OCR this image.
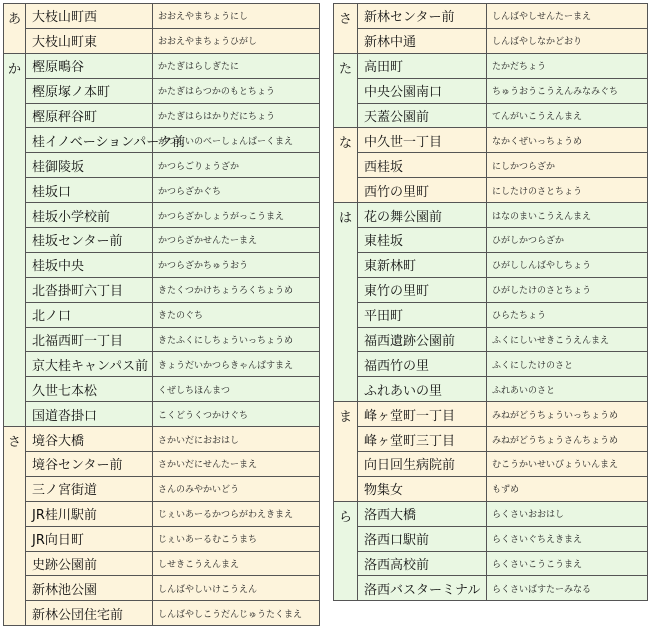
あ	大枝山町西	おおえやまちょうにし
	大枝山町東	おおえやまちょうひがし
か	樫原鴫谷	かたぎはらしぎたに
	樫原塚ノ本町	かたぎはらつかのもとちょう
	樫原秤谷町	かたぎはらはかりだにちょう
	桂イノベーションパーク前	かつらいのべーしょんぱーくまえ
	桂御陵坂	かつらごりょうざか
	桂坂口	かつらざかぐち
	桂坂小学校前	かつらざかしょうがっこうまえ
	桂坂センター前	かつらざかせんたーまえ
	桂坂中央	かつらざかちゅうおう
	北沓掛町六丁目	きたくつかけちょうろくちょうめ
	北ノ口	きたのぐち
	北福西町一丁目	きたふくにしちょういっちょうめ
	京大桂キャンパス前	きょうだいかつらきゃんぱすまえ
	久世七本松	くぜしちほんまつ
	国道沓掛口	こくどうくつかけぐち
さ	境谷大橋	さかいだにおおはし
	境谷センター前	さかいだにせんたーまえ
	三ノ宮街道	さんのみやかいどう
	JR桂川駅前	じぇいあーるかつらがわえきまえ
	JR向日町	じぇいあーるむこうまち
	史跡公園前	しせきこうえんまえ
	新林池公園	しんばやしいけこうえん
	新林公団住宅前	しんばやしこうだんじゅうたくまえ
さ	新林センター前	しんばやしせんたーまえ
	新林中通	しんばやしなかどおり
た	高田町	たかだちょう
	中央公園南口	ちゅうおうこうえんみなみぐち
	天蓋公園前	てんがいこうえんまえ
な	中久世一丁目	なかくぜいっちょうめ
	西桂坂	にしかつらざか
	西竹の里町	にしたけのさとちょう
は	花の舞公園前	はなのまいこうえんまえ
	東桂坂	ひがしかつらざか
	東新林町	ひがししんばやしちょう
	東竹の里町	ひがしたけのさとちょう
	平田町	ひらたちょう
	福西遺跡公園前	ふくにしいせきこうえんまえ
	福西竹の里	ふくにしたけのさと
	ふれあいの里	ふれあいのさと
ま	峰ヶ堂町一丁目	みねがどうちょういっちょうめ
	峰ヶ堂町三丁目	みねがどうちょうさんちょうめ
	向日回生病院前	むこうかいせいびょういんまえ
	物集女	もずめ
ら	洛西大橋	らくさいおおはし
	洛西口駅前	らくさいぐちえきまえ
	洛西高校前	らくさいこうこうまえ
	洛西バスターミナル	らくさいばすたーみなる
